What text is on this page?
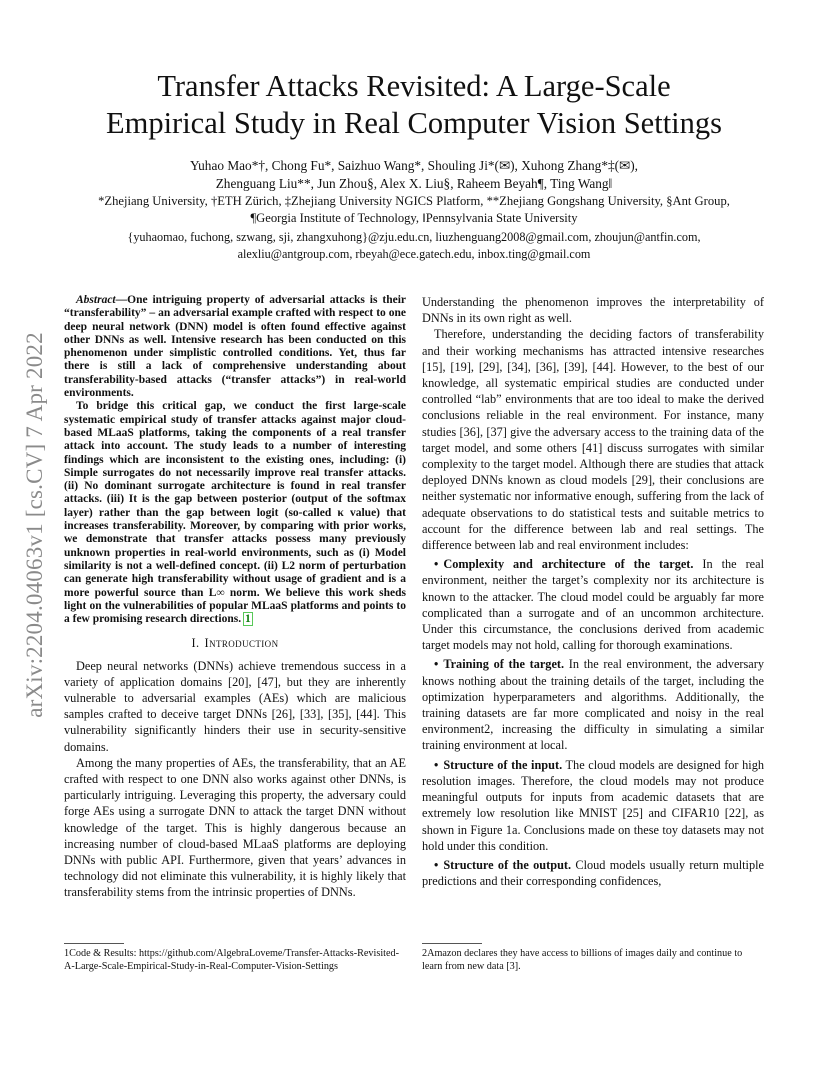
arXiv:2204.04063v1 [cs.CV] 7 Apr 2022
Transfer Attacks Revisited: A Large-Scale
Empirical Study in Real Computer Vision Settings

Yuhao Mao*†, Chong Fu*, Saizhuo Wang*, Shouling Ji*(✉), Xuhong Zhang*‡(✉),

Zhenguang Liu**, Jun Zhou§, Alex X. Liu§, Raheem Beyah¶, Ting Wang‖

*Zhejiang University, †ETH Zürich, ‡Zhejiang University NGICS Platform, **Zhejiang Gongshang University, §Ant Group,

¶Georgia Institute of Technology, ‖Pennsylvania State University

{yuhaomao, fuchong, szwang, sji, zhangxuhong}@zju.edu.cn, liuzhenguang2008@gmail.com, zhoujun@antfin.com,

alexliu@antgroup.com, rbeyah@ece.gatech.edu, inbox.ting@gmail.com

Abstract—One intriguing property of adversarial attacks is their “transferability” – an adversarial example crafted with respect to one deep neural network (DNN) model is often found effective against other DNNs as well. Intensive research has been conducted on this phenomenon under simplistic controlled conditions. Yet, thus far there is still a lack of comprehensive understanding about transferability-based attacks (“transfer attacks”) in real-world environments.

To bridge this critical gap, we conduct the first large-scale systematic empirical study of transfer attacks against major cloud-based MLaaS platforms, taking the components of a real transfer attack into account. The study leads to a number of interesting findings which are inconsistent to the existing ones, including: (i) Simple surrogates do not necessarily improve real transfer attacks. (ii) No dominant surrogate architecture is found in real transfer attacks. (iii) It is the gap between posterior (output of the softmax layer) rather than the gap between logit (so-called κ value) that increases transferability. Moreover, by comparing with prior works, we demonstrate that transfer attacks possess many previously unknown properties in real-world environments, such as (i) Model similarity is not a well-defined concept. (ii) L2 norm of perturbation can generate high transferability without usage of gradient and is a more powerful source than L∞ norm. We believe this work sheds light on the vulnerabilities of popular MLaaS platforms and points to a few promising research directions. 1

I. Introduction

Deep neural networks (DNNs) achieve tremendous success in a variety of application domains [20], [47], but they are inherently vulnerable to adversarial examples (AEs) which are malicious samples crafted to deceive target DNNs [26], [33], [35], [44]. This vulnerability significantly hinders their use in security-sensitive domains.

Among the many properties of AEs, the transferability, that an AE crafted with respect to one DNN also works against other DNNs, is particularly intriguing. Leveraging this property, the adversary could forge AEs using a surrogate DNN to attack the target DNN without knowledge of the target. This is highly dangerous because an increasing number of cloud-based MLaaS platforms are deploying DNNs with public API. Furthermore, given that years’ advances in technology did not eliminate this vulnerability, it is highly likely that transferability stems from the intrinsic properties of DNNs.

Understanding the phenomenon improves the interpretability of DNNs in its own right as well.

Therefore, understanding the deciding factors of transferability and their working mechanisms has attracted intensive researches [15], [19], [29], [34], [36], [39], [44]. However, to the best of our knowledge, all systematic empirical studies are conducted under controlled “lab” environments that are too ideal to make the derived conclusions reliable in the real environment. For instance, many studies [36], [37] give the adversary access to the training data of the target model, and some others [41] discuss surrogates with similar complexity to the target model. Although there are studies that attack deployed DNNs known as cloud models [29], their conclusions are neither systematic nor informative enough, suffering from the lack of adequate observations to do statistical tests and suitable metrics to account for the difference between lab and real settings. The difference between lab and real environment includes:

• Complexity and architecture of the target. In the real environment, neither the target’s complexity nor its architecture is known to the attacker. The cloud model could be arguably far more complicated than a surrogate and of an uncommon architecture. Under this circumstance, the conclusions derived from academic target models may not hold, calling for thorough examinations.

• Training of the target. In the real environment, the adversary knows nothing about the training details of the target, including the optimization hyperparameters and algorithms. Additionally, the training datasets are far more complicated and noisy in the real environment2, increasing the difficulty in simulating a similar training environment at local.

• Structure of the input. The cloud models are designed for high resolution images. Therefore, the cloud models may not produce meaningful outputs for inputs from academic datasets that are extremely low resolution like MNIST [25] and CIFAR10 [22], as shown in Figure 1a. Conclusions made on these toy datasets may not hold under this condition.

• Structure of the output. Cloud models usually return multiple predictions and their corresponding confidences,

1Code & Results: https://github.com/AlgebraLoveme/Transfer-Attacks-Revisited-A-Large-Scale-Empirical-Study-in-Real-Computer-Vision-Settings
2Amazon declares they have access to billions of images daily and continue to learn from new data [3].
